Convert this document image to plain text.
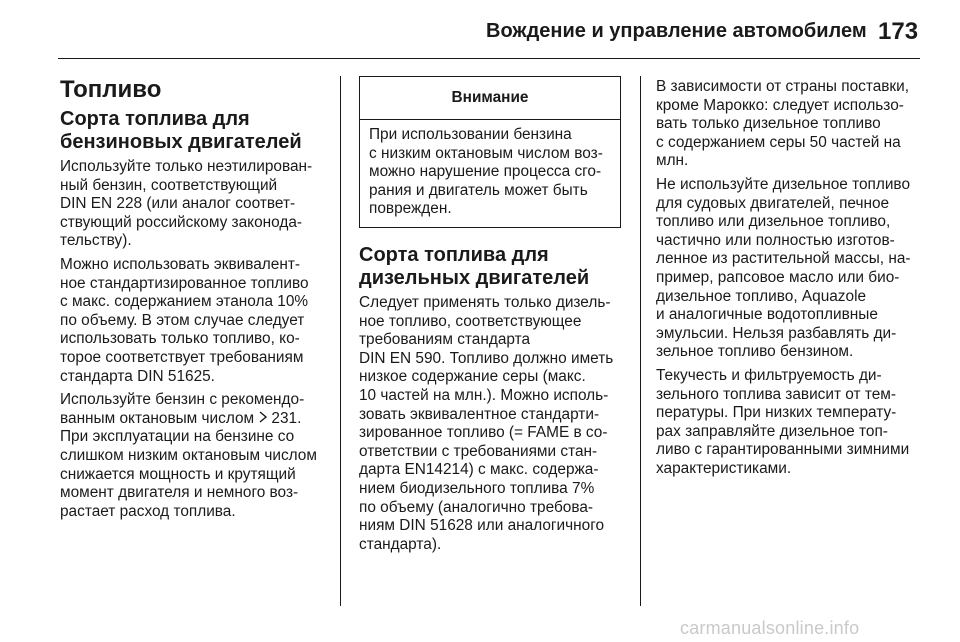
Вождение и управление автомобилем 173
Топливо
Сорта топлива для
бензиновых двигателей

Используйте только неэтилирован-
ный бензин, соответствующий
DIN EN 228 (или аналог соответ-
ствующий российскому законода-
тельству).

Можно использовать эквивалент-
ное стандартизированное топливо
с макс. содержанием этанола 10%
по объему. В этом случае следует
использовать только топливо, ко-
торое соответствует требованиям
стандарта DIN 51625.

Используйте бензин с рекомендо-
ванным октановым числом 231.
При эксплуатации на бензине со
слишком низким октановым числом
снижается мощность и крутящий
момент двигателя и немного воз-
растает расход топлива.

Внимание

При использовании бензина
с низким октановым числом воз-
можно нарушение процесса сго-
рания и двигатель может быть
поврежден.

Сорта топлива для
дизельных двигателей

Следует применять только дизель-
ное топливо, соответствующее
требованиям стандарта
DIN EN 590. Топливо должно иметь
низкое содержание серы (макс.
10 частей на млн.). Можно исполь-
зовать эквивалентное стандарти-
зированное топливо (= FAME в со-
ответствии с требованиями стан-
дарта EN14214) с макс. содержа-
нием биодизельного топлива 7%
по объему (аналогично требова-
ниям DIN 51628 или аналогичного
стандарта).

В зависимости от страны поставки,
кроме Марокко: следует использо-
вать только дизельное топливо
с содержанием серы 50 частей на
млн.

Не используйте дизельное топливо
для судовых двигателей, печное
топливо или дизельное топливо,
частично или полностью изготов-
ленное из растительной массы, на-
пример, рапсовое масло или био-
дизельное топливо, Aquazole
и аналогичные водотопливные
эмульсии. Нельзя разбавлять ди-
зельное топливо бензином.

Текучесть и фильтруемость ди-
зельного топлива зависит от тем-
пературы. При низких температу-
рах заправляйте дизельное топ-
ливо с гарантированными зимними
характеристиками.

carmanualsonline.info
